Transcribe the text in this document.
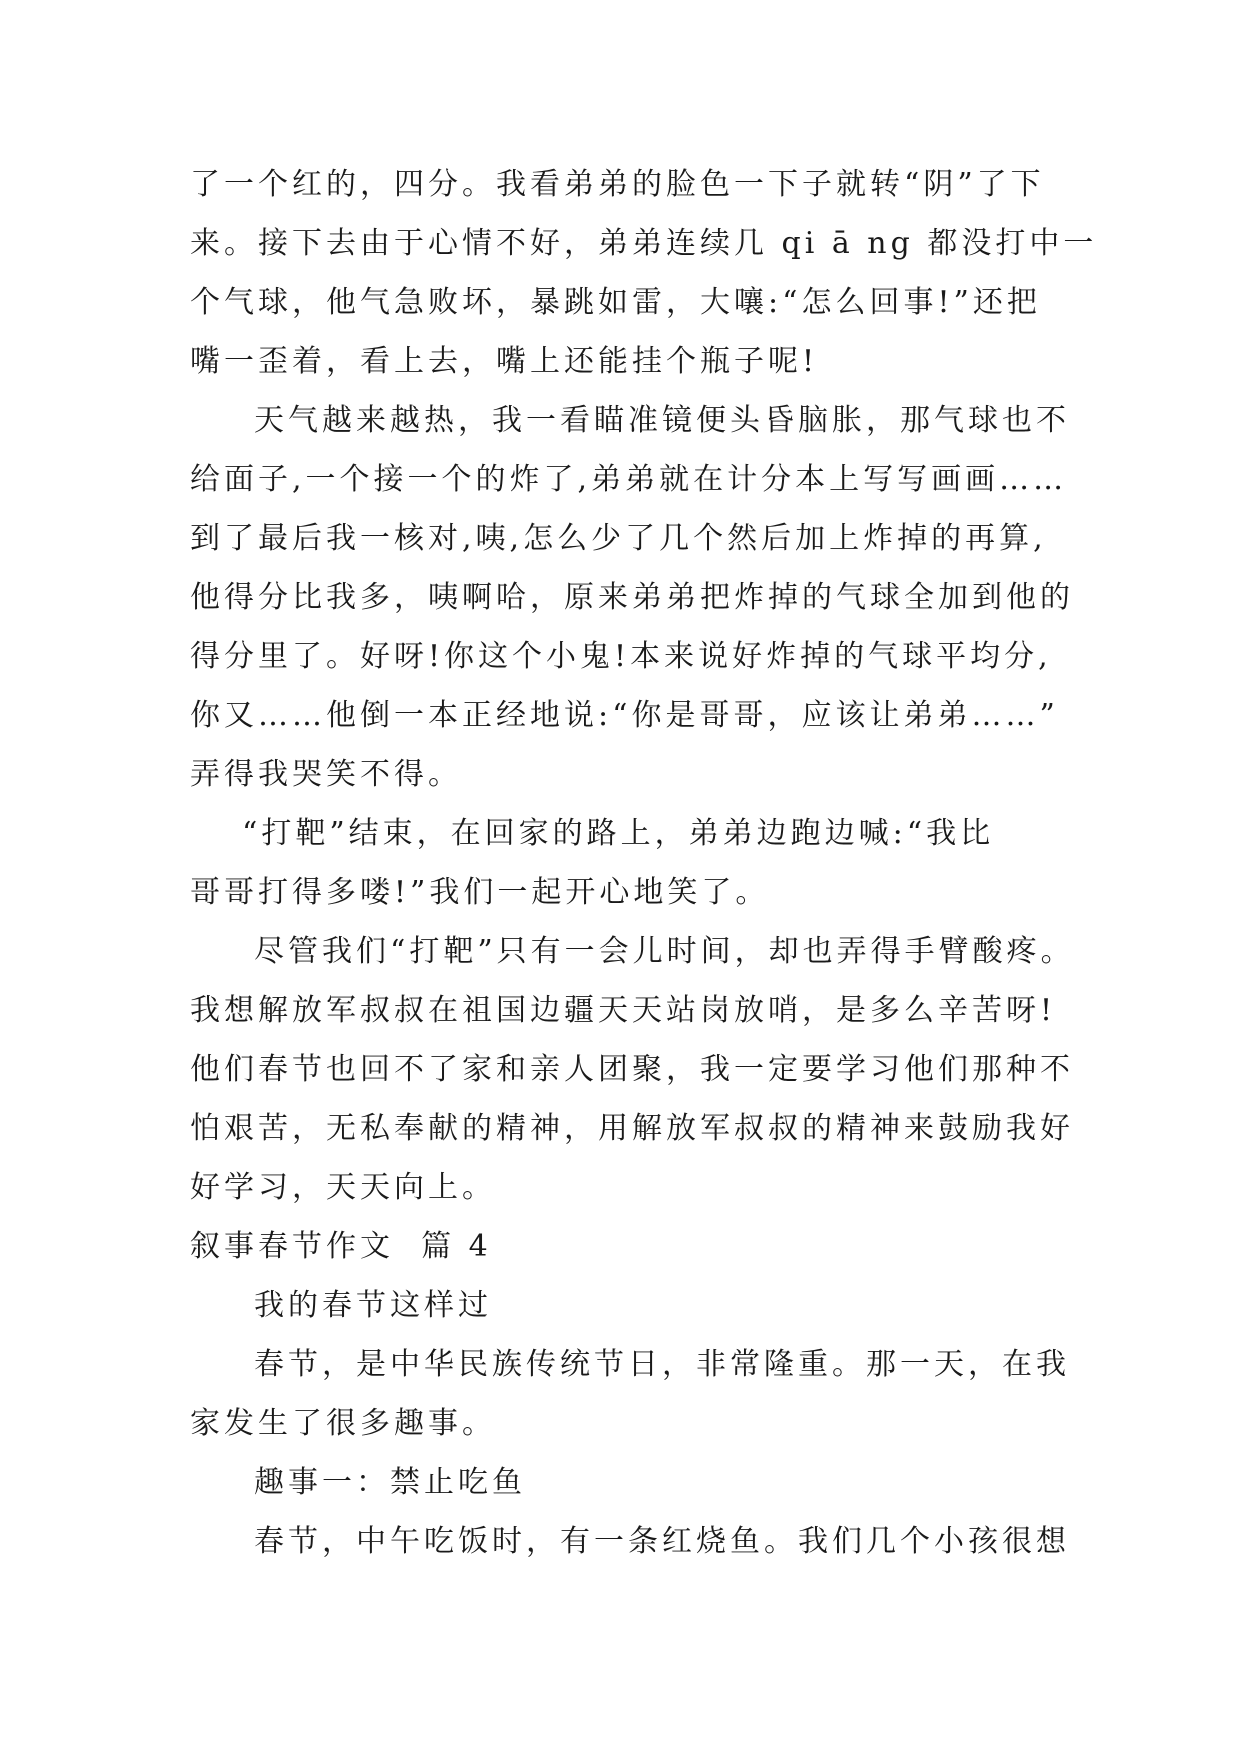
了一个红的，四分。我看弟弟的脸色一下子就转“阴”了下
来。接下去由于心情不好，弟弟连续几 qi ā ng 都没打中一
个气球，他气急败坏，暴跳如雷，大嚷:“怎么回事!”还把
嘴一歪着，看上去，嘴上还能挂个瓶子呢!
天气越来越热，我一看瞄准镜便头昏脑胀，那气球也不
给面子,一个接一个的炸了,弟弟就在计分本上写写画画……
到了最后我一核对,咦,怎么少了几个然后加上炸掉的再算,
他得分比我多，咦啊哈，原来弟弟把炸掉的气球全加到他的
得分里了。好呀!你这个小鬼!本来说好炸掉的气球平均分,
你又……他倒一本正经地说:“你是哥哥，应该让弟弟……”
弄得我哭笑不得。
“打靶”结束，在回家的路上，弟弟边跑边喊:“我比
哥哥打得多喽!”我们一起开心地笑了。
尽管我们“打靶”只有一会儿时间，却也弄得手臂酸疼。
我想解放军叔叔在祖国边疆天天站岗放哨，是多么辛苦呀!
他们春节也回不了家和亲人团聚，我一定要学习他们那种不
怕艰苦，无私奉献的精神，用解放军叔叔的精神来鼓励我好
好学习，天天向上。
叙事春节作文  篇 4
我的春节这样过
春节，是中华民族传统节日，非常隆重。那一天，在我
家发生了很多趣事。
趣事一：禁止吃鱼
春节，中午吃饭时，有一条红烧鱼。我们几个小孩很想
